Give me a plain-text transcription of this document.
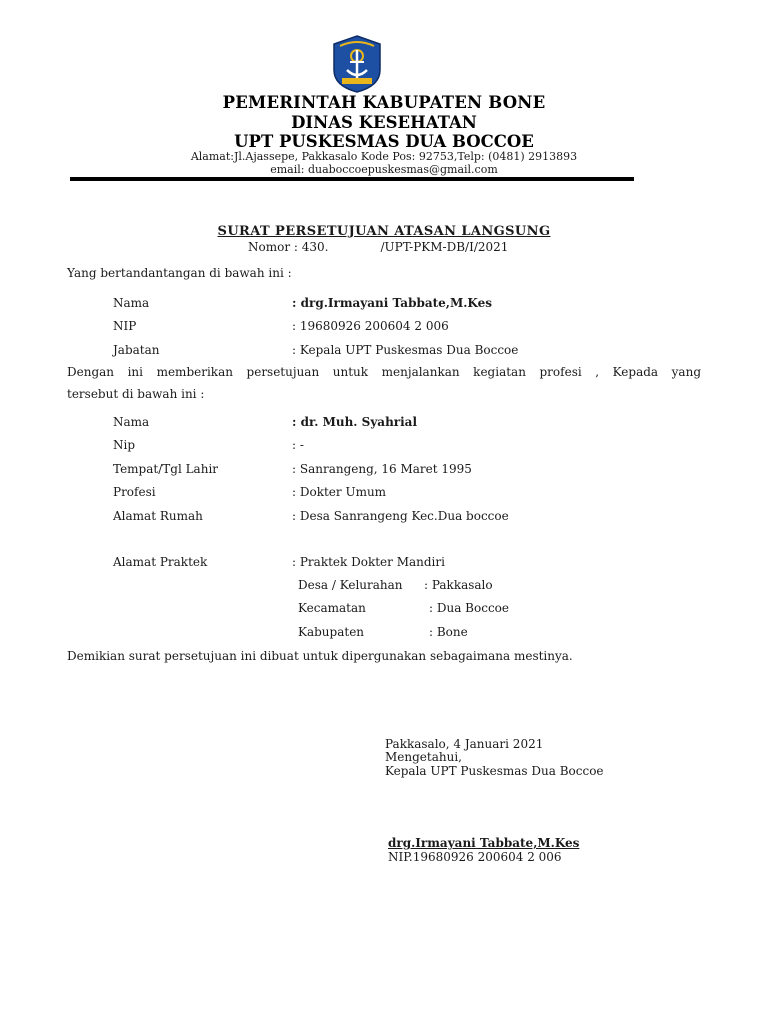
PEMERINTAH KABUPATEN BONE
DINAS KESEHATAN
UPT PUSKESMAS DUA BOCCOE
Alamat:Jl.Ajassepe, Pakkasalo Kode Pos: 92753,Telp: (0481) 2913893
email: duaboccoepuskesmas@gmail.com
SURAT PERSETUJUAN ATASAN LANGSUNG
Nomor : 430.	/UPT-PKM-DB/I/2021
Yang bertandantangan di bawah ini :
Nama	: drg.Irmayani Tabbate,M.Kes
NIP	: 19680926 200604 2 006
Jabatan	: Kepala UPT Puskesmas Dua Boccoe
Dengan ini memberikan persetujuan untuk menjalankan kegiatan profesi , Kepada yang
tersebut di bawah ini :
Nama	: dr. Muh. Syahrial
Nip	: -
Tempat/Tgl Lahir	: Sanrangeng, 16 Maret 1995
Profesi	: Dokter Umum
Alamat Rumah	: Desa Sanrangeng Kec.Dua boccoe
Alamat Praktek	: Praktek Dokter Mandiri
Desa / Kelurahan : Pakkasalo
Kecamatan	: Dua Boccoe
Kabupaten	: Bone
Demikian surat persetujuan ini dibuat untuk dipergunakan sebagaimana mestinya.
Pakkasalo, 4 Januari 2021
Mengetahui,
Kepala UPT Puskesmas Dua Boccoe
drg.Irmayani Tabbate,M.Kes
NIP.19680926 200604 2 006
